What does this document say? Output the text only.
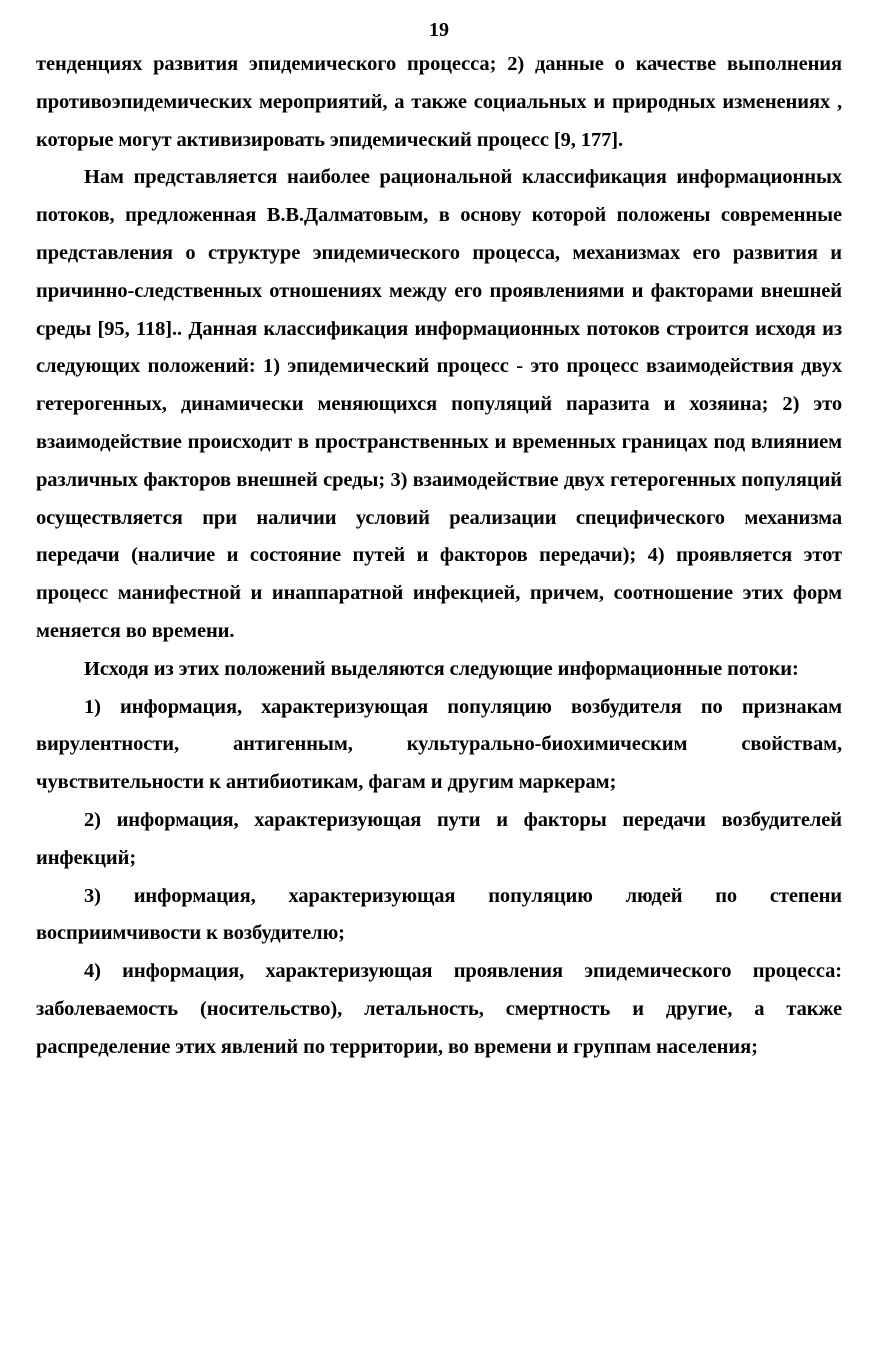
19

тенденциях развития эпидемического процесса; 2) данные о качестве выполнения противоэпидемических мероприятий, а также социальных и природных изменениях , которые могут активизировать эпидемический процесс [9, 177].

Нам представляется наиболее рациональной классификация информационных потоков, предложенная В.В.Далматовым, в основу которой положены современные представления о структуре эпидемического процесса, механизмах его развития и причинно-следственных отношениях между его проявлениями и факторами внешней среды [95, 118].. Данная классификация информационных потоков строится исходя из следующих положений: 1) эпидемический процесс - это процесс взаимодействия двух гетерогенных, динамически меняющихся популяций паразита и хозяина; 2) это взаимодействие происходит в пространственных и временных границах под влиянием различных факторов внешней среды; 3) взаимодействие двух гетерогенных популяций осуществляется при наличии условий реализации специфического механизма передачи (наличие и состояние путей и факторов передачи); 4) проявляется этот процесс манифестной и инаппаратной инфекцией, причем, соотношение этих форм меняется во времени.

Исходя из этих положений выделяются следующие информационные потоки:

1) информация, характеризующая популяцию возбудителя по признакам вирулентности, антигенным, культурально-биохимическим свойствам, чувствительности к антибиотикам, фагам и другим маркерам;

2) информация, характеризующая пути и факторы передачи возбудителей инфекций;

3) информация, характеризующая популяцию людей по степени восприимчивости к возбудителю;

4) информация, характеризующая проявления эпидемического процесса: заболеваемость (носительство), летальность, смертность и другие, а также распределение этих явлений по территории, во времени и группам населения;
